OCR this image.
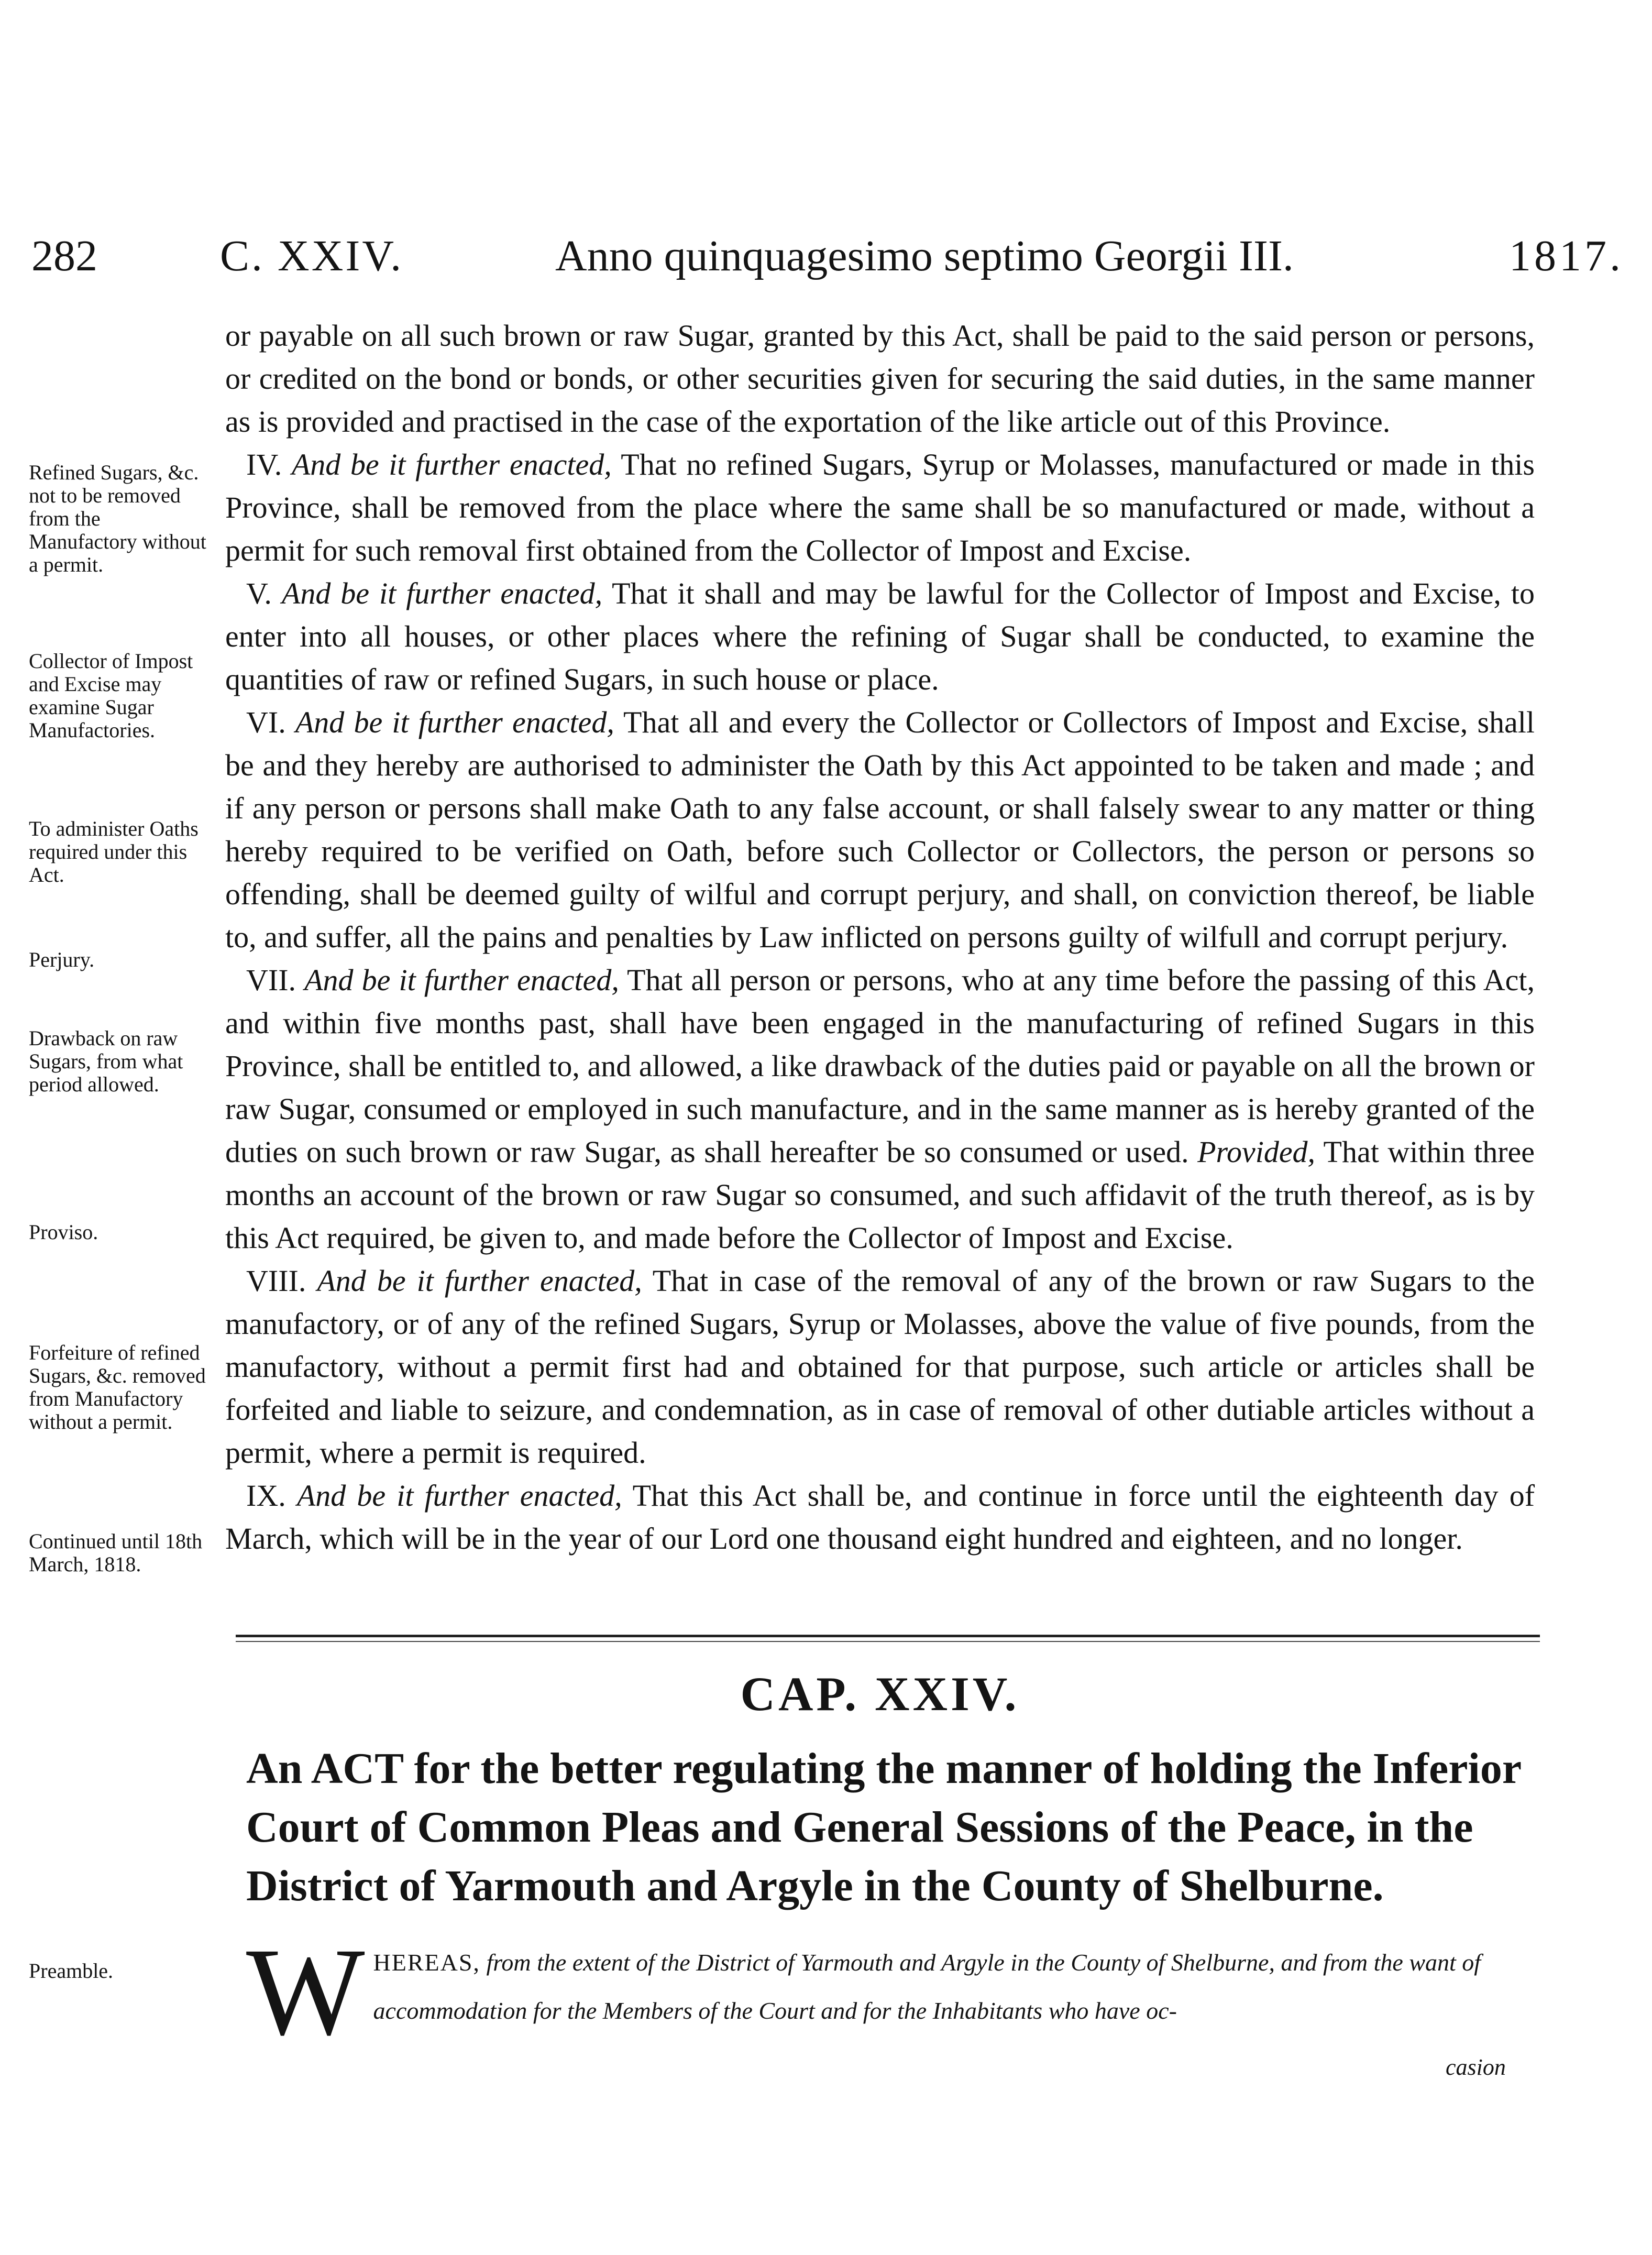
282	C. XXIV.	Anno quinquagesimo septimo Georgii III.	1817.

or payable on all such brown or raw Sugar, granted by this Act, shall be paid to the said person or persons, or credited on the bond or bonds, or other securities given for securing the said duties, in the same manner as is provided and practised in the case of the exportation of the like article out of this Province.

IV. And be it further enacted, That no refined Sugars, Syrup or Molasses, manufactured or made in this Province, shall be removed from the place where the same shall be so manufactured or made, without a permit for such removal first obtained from the Collector of Impost and Excise.

V. And be it further enacted, That it shall and may be lawful for the Collector of Impost and Excise, to enter into all houses, or other places where the refining of Sugar shall be conducted, to examine the quantities of raw or refined Sugars, in such house or place.

VI. And be it further enacted, That all and every the Collector or Collectors of Impost and Excise, shall be and they hereby are authorised to administer the Oath by this Act appointed to be taken and made ; and if any person or persons shall make Oath to any false account, or shall falsely swear to any matter or thing hereby required to be verified on Oath, before such Collector or Collectors, the person or persons so offending, shall be deemed guilty of wilful and corrupt perjury, and shall, on conviction thereof, be liable to, and suffer, all the pains and penalties by Law inflicted on persons guilty of wilfull and corrupt perjury.

VII. And be it further enacted, That all person or persons, who at any time before the passing of this Act, and within five months past, shall have been engaged in the manufacturing of refined Sugars in this Province, shall be entitled to, and allowed, a like drawback of the duties paid or payable on all the brown or raw Sugar, consumed or employed in such manufacture, and in the same manner as is hereby granted of the duties on such brown or raw Sugar, as shall hereafter be so consumed or used. Provided, That within three months an account of the brown or raw Sugar so consumed, and such affidavit of the truth thereof, as is by this Act required, be given to, and made before the Collector of Impost and Excise.

VIII. And be it further enacted, That in case of the removal of any of the brown or raw Sugars to the manufactory, or of any of the refined Sugars, Syrup or Molasses, above the value of five pounds, from the manufactory, without a permit first had and obtained for that purpose, such article or articles shall be forfeited and liable to seizure, and condemnation, as in case of removal of other dutiable articles without a permit, where a permit is required.

IX. And be it further enacted, That this Act shall be, and continue in force until the eighteenth day of March, which will be in the year of our Lord one thousand eight hundred and eighteen, and no longer.

Refined Sugars, &c. not to be removed from the Manufactory without a permit.
Collector of Impost and Excise may examine Sugar Manufactories.
To administer Oaths required under this Act.
Perjury.
Drawback on raw Sugars, from what period allowed.
Proviso.
Forfeiture of refined Sugars, &c. removed from Manufactory without a permit.
Continued until 18th March, 1818.
Preamble.
CAP. XXIV.
An ACT for the better regulating the manner of holding the Inferior Court of Common Pleas and General Sessions of the Peace, in the District of Yarmouth and Argyle in the County of Shelburne.
W HEREAS, from the extent of the District of Yarmouth and Argyle in the County of Shelburne, and from the want of accommodation for the Members of the Court and for the Inhabitants who have oc-
casion
